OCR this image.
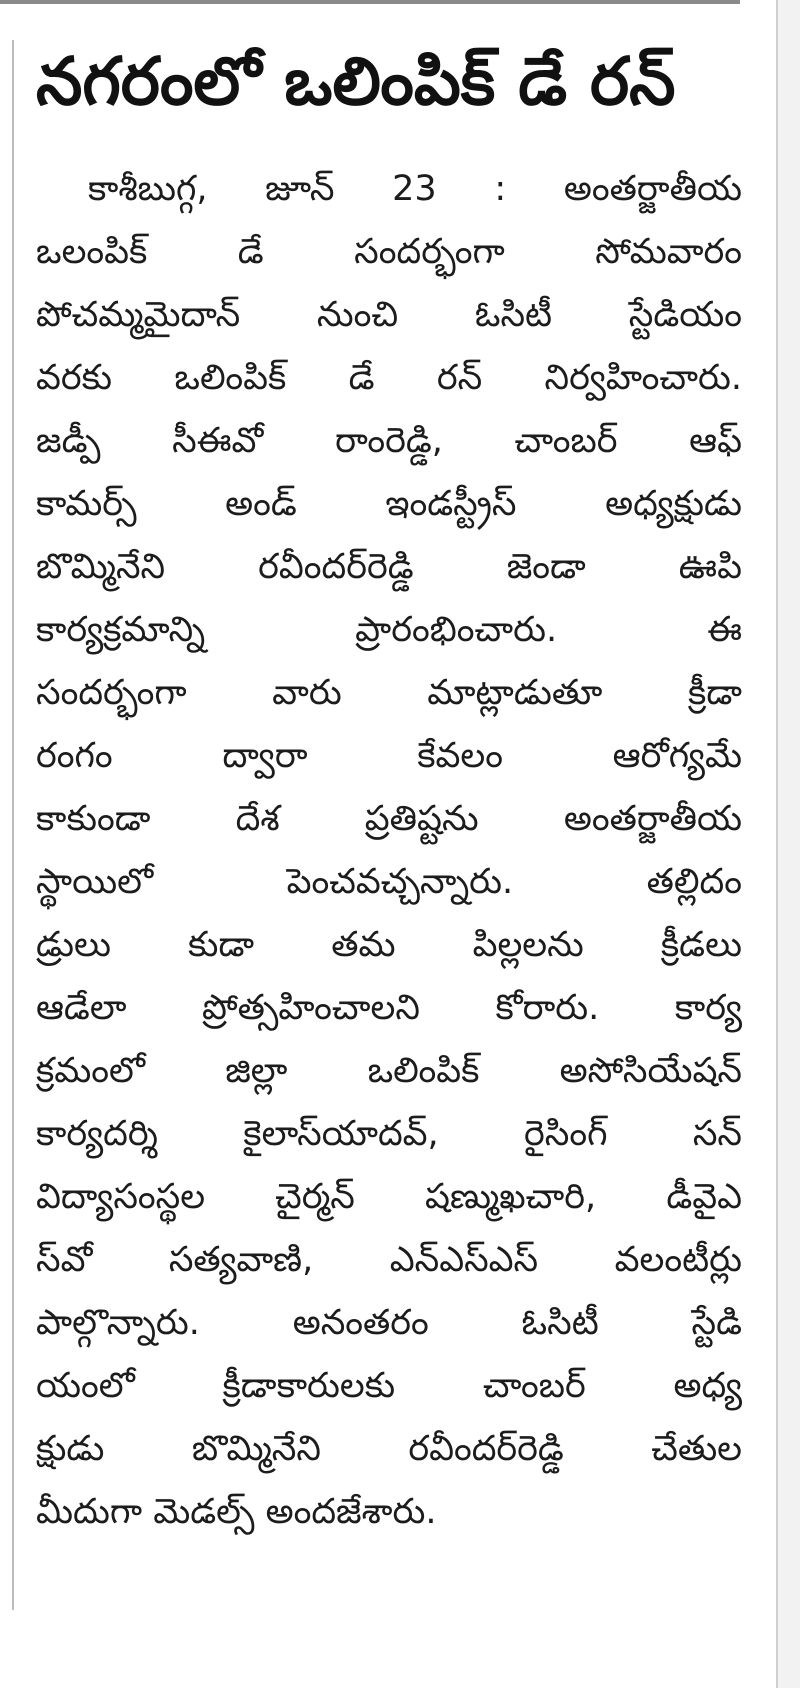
నగరంలో ఒలింపిక్ డే రన్
కాశీబుగ్గ, జూన్ 23 : అంతర్జాతీయ
ఒలంపిక్ డే సందర్భంగా సోమవారం
పోచమ్మమైదాన్ నుంచి ఓసిటీ స్టేడియం
వరకు ఒలింపిక్ డే రన్ నిర్వహించారు.
జడ్పీ సీఈవో రాంరెడ్డి, చాంబర్ ఆఫ్
కామర్స్ అండ్ ఇండస్ట్రీస్ అధ్యక్షుడు
బొమ్మినేని రవీందర్‌రెడ్డి జెండా ఊపి
కార్యక్రమాన్ని ప్రారంభించారు. ఈ
సందర్భంగా వారు మాట్లాడుతూ క్రీడా
రంగం ద్వారా కేవలం ఆరోగ్యమే
కాకుండా దేశ ప్రతిష్టను అంతర్జాతీయ
స్థాయిలో పెంచవచ్చన్నారు. తల్లిదం
డ్రులు కుడా తమ పిల్లలను క్రీడలు
ఆడేలా ప్రోత్సహించాలని కోరారు. కార్య
క్రమంలో జిల్లా ఒలింపిక్ అసోసియేషన్
కార్యదర్శి కైలాస్‌యాదవ్, రైసింగ్ సన్
విద్యాసంస్థల చైర్మన్ షణ్ముఖచారి, డీవైఎ
స్‌వో సత్యవాణి, ఎన్‌ఎస్‌ఎస్ వలంటీర్లు
పాల్గొన్నారు. అనంతరం ఓసిటీ స్టేడి
యంలో క్రీడాకారులకు చాంబర్ అధ్య
క్షుడు బొమ్మినేని రవీందర్‌రెడ్డి చేతుల
మీదుగా మెడల్స్ అందజేశారు.
